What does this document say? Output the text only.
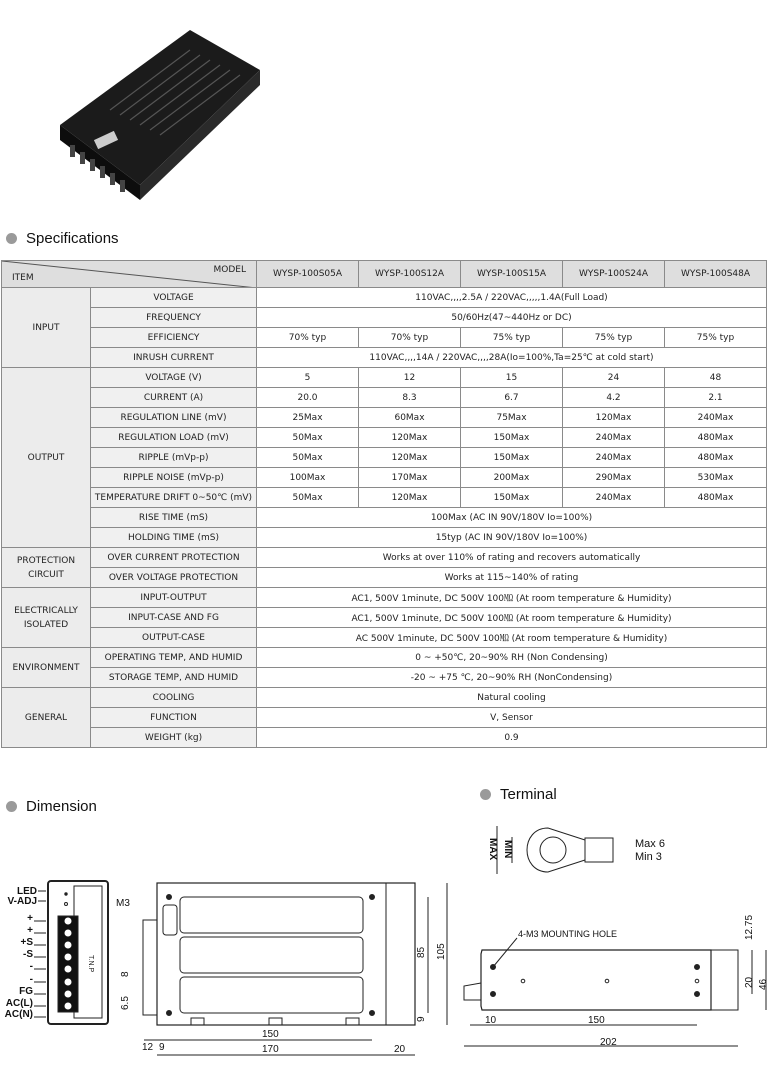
Specifications
MODEL
ITEM		WYSP-100S05A	WYSP-100S12A	WYSP-100S15A	WYSP-100S24A	WYSP-100S48A
INPUT	VOLTAGE	110VAC,,,,2.5A / 220VAC,,,,,1.4A(Full Load)				
	FREQUENCY	50/60Hz(47~440Hz or DC)				
	EFFICIENCY	70% typ	70% typ	75% typ	75% typ	75% typ
	INRUSH CURRENT	110VAC,,,,14A / 220VAC,,,,28A(Io=100%,Ta=25℃ at cold start)				
OUTPUT	VOLTAGE (V)	5	12	15	24	48
	CURRENT (A)	20.0	8.3	6.7	4.2	2.1
	REGULATION LINE (mV)	25Max	60Max	75Max	120Max	240Max
	REGULATION LOAD (mV)	50Max	120Max	150Max	240Max	480Max
	RIPPLE (mVp-p)	50Max	120Max	150Max	240Max	480Max
	RIPPLE NOISE (mVp-p)	100Max	170Max	200Max	290Max	530Max
	TEMPERATURE DRIFT 0~50℃ (mV)	50Max	120Max	150Max	240Max	480Max
	RISE TIME (mS)	100Max (AC IN 90V/180V Io=100%)				
	HOLDING TIME (mS)	15typ (AC IN 90V/180V Io=100%)				
PROTECTION CIRCUIT	OVER CURRENT PROTECTION	Works at over 110% of rating and recovers automatically				
	OVER VOLTAGE PROTECTION	Works at 115~140% of rating				
ELECTRICALLY ISOLATED	INPUT-OUTPUT	AC1, 500V 1minute, DC 500V 100㏁ (At room temperature & Humidity)				
	INPUT-CASE AND FG	AC1, 500V 1minute, DC 500V 100㏁ (At room temperature & Humidity)				
	OUTPUT-CASE	AC 500V 1minute, DC 500V 100㏁ (At room temperature & Humidity)				
ENVIRONMENT	OPERATING TEMP, AND HUMID	0 ~ +50℃, 20~90% RH (Non Condensing)				
	STORAGE TEMP, AND HUMID	-20 ~ +75 ℃, 20~90% RH (NonCondensing)				
GENERAL	COOLING	Natural cooling				
	FUNCTION	V, Sensor				
	WEIGHT (kg)	0.9				
Dimension
Terminal
LED
V-ADJ
+
+
+S
-S
-
-
FG
AC(L)
AC(N)
T.N.P
M3
12 9
150
170	20
8
6.5
85 105
9
MAX MIN	Max 6
Min 3
4-M3 MOUNTING HOLE
10	150
202
12.75
20 46
